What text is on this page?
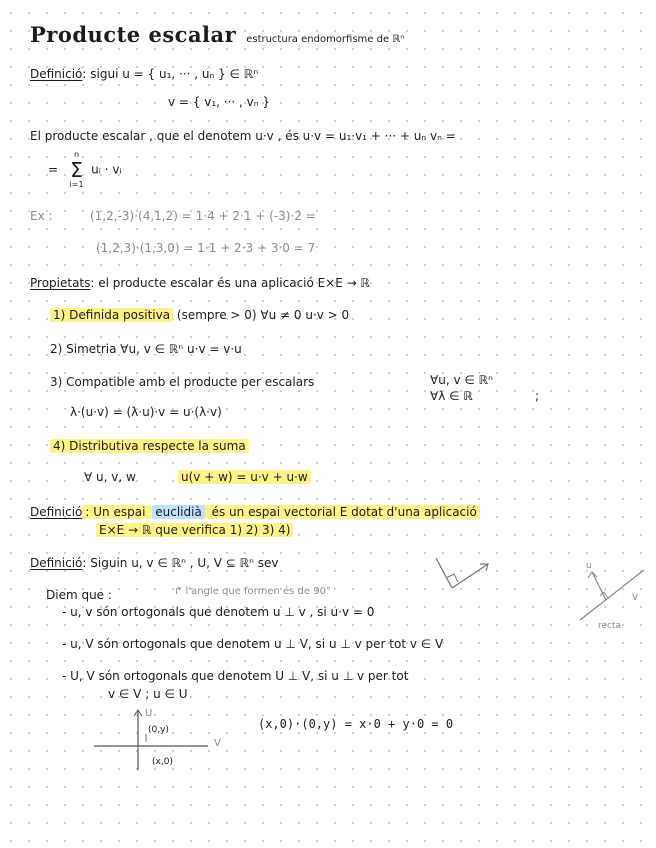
Producte escalar estructura endomorfisme de ℝⁿ
Definició: sigui u = { u₁, ··· , uₙ } ∈ ℝⁿ
v = { v₁, ··· , vₙ }
El producte escalar , que el denotem u·v , és u·v = u₁·v₁ + ··· + uₙ vₙ =
=
n
Σ
i=1
uᵢ · vᵢ
Ex :	(1,2,-3)·(4,1,2) = 1·4 + 2·1 + (-3)·2 =
(1,2,3)·(1,3,0) = 1·1 + 2·3 + 3·0 = 7
Propietats: el producte escalar és una aplicació E×E → ℝ
1) Definida positiva (sempre > 0) ∀u ≠ 0 u·v > 0
2) Simetria ∀u, v ∈ ℝⁿ u·v = v·u
3) Compatible amb el producte per escalars	∀u, v ∈ ℝⁿ
∀λ ∈ ℝ	;
λ·(u·v) = (λ·u)·v = u·(λ·v)
4) Distributiva respecte la suma
∀ u, v, w	u(v + w) = u·v + u·w
Definició : Un espai euclidià és un espai vectorial E dotat d'una aplicació
E×E → ℝ que verifica 1) 2) 3) 4)
Definició: Siguin u, v ∈ ℝⁿ , U, V ⊆ ℝⁿ sev
Diem que :	↱ l'angle que formen és de 90°
- u, v són ortogonals que denotem u ⊥ v , si u·v = 0
- u, V són ortogonals que denotem u ⊥ V, si u ⊥ v per tot v ∈ V
- U, V són ortogonals que denotem U ⊥ V, si u ⊥ v per tot
v ∈ V ; u ∈ U
u
V
recta
U
(0,y)
V
(x,0)
(x,0)·(0,y) = x·0 + y·0 = 0
